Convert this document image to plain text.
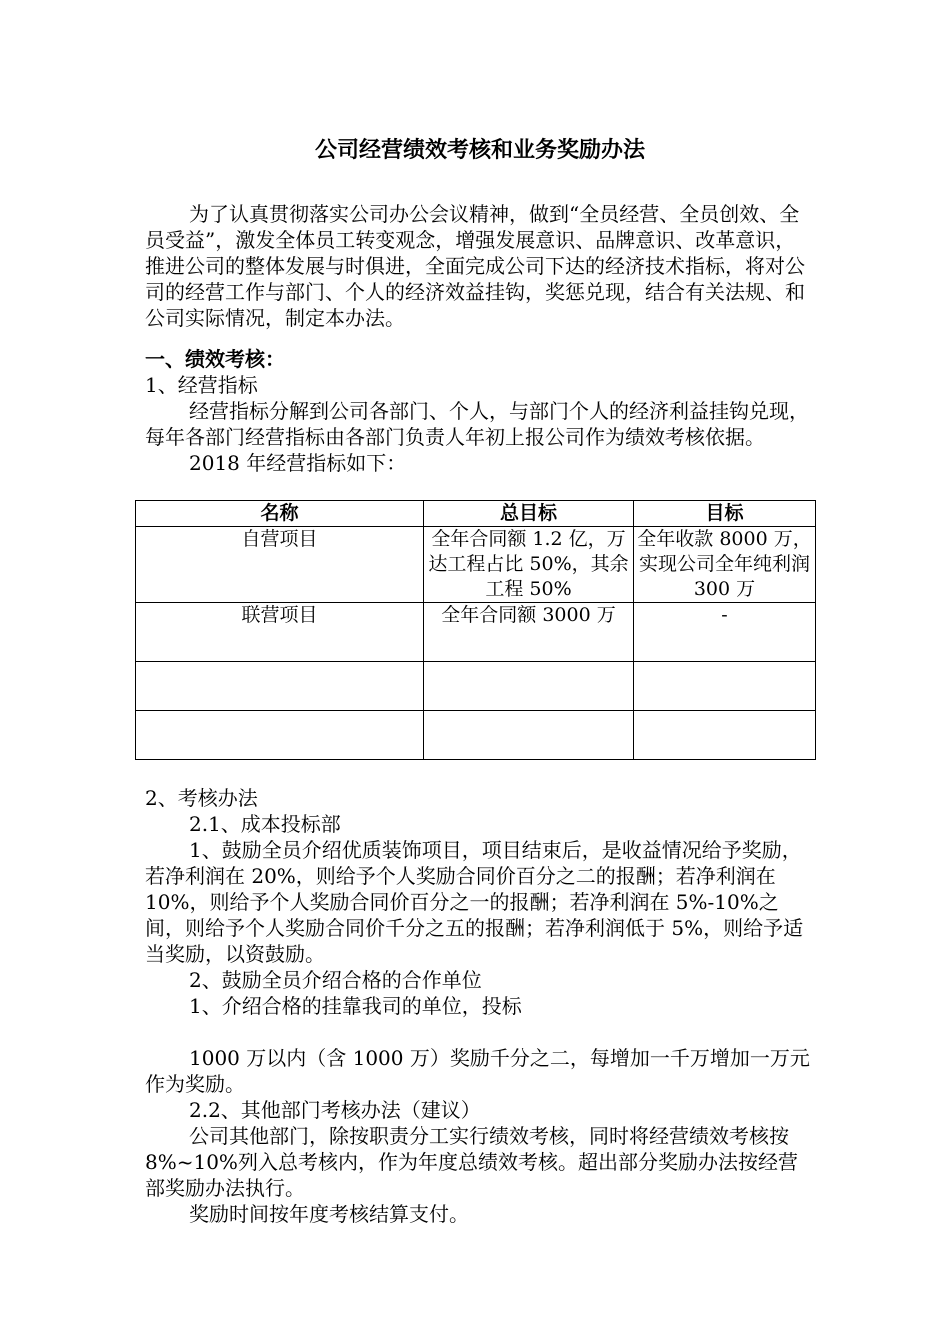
公司经营绩效考核和业务奖励办法

为了认真贯彻落实公司办公会议精神，做到“全员经营、全员创效、全员受益”，激发全体员工转变观念，增强发展意识、品牌意识、改革意识，推进公司的整体发展与时俱进，全面完成公司下达的经济技术指标，将对公司的经营工作与部门、个人的经济效益挂钩，奖惩兑现，结合有关法规、和公司实际情况，制定本办法。

一、绩效考核：

1、经营指标

经营指标分解到公司各部门、个人，与部门个人的经济利益挂钩兑现，每年各部门经营指标由各部门负责人年初上报公司作为绩效考核依据。

2018 年经营指标如下：

名称	总目标	目标
自营项目	全年合同额 1.2 亿，万达工程占比 50%，其余工程 50%	全年收款 8000 万，实现公司全年纯利润 300 万
联营项目	全年合同额 3000 万	-

2、考核办法

2.1、成本投标部

1、鼓励全员介绍优质装饰项目，项目结束后，是收益情况给予奖励，若净利润在 20%，则给予个人奖励合同价百分之二的报酬；若净利润在 10%，则给予个人奖励合同价百分之一的报酬；若净利润在 5%-10%之间，则给予个人奖励合同价千分之五的报酬；若净利润低于 5%，则给予适当奖励，以资鼓励。

2、鼓励全员介绍合格的合作单位

1、介绍合格的挂靠我司的单位，投标

1000 万以内（含 1000 万）奖励千分之二，每增加一千万增加一万元作为奖励。

2.2、其他部门考核办法（建议）

公司其他部门，除按职责分工实行绩效考核，同时将经营绩效考核按 8%~10%列入总考核内，作为年度总绩效考核。超出部分奖励办法按经营部奖励办法执行。

奖励时间按年度考核结算支付。
